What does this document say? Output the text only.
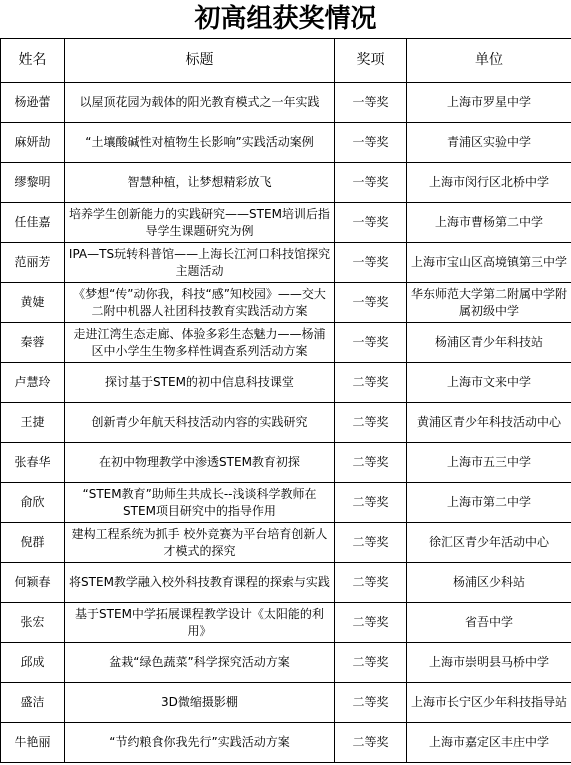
初高组获奖情况
姓名	标题	奖项	单位
杨逊蕾	以屋顶花园为载体的阳光教育模式之一年实践	一等奖	上海市罗星中学
麻妍劼	“土壤酸碱性对植物生长影响”实践活动案例	一等奖	青浦区实验中学
缪黎明	智慧种植，让梦想精彩放飞	一等奖	上海市闵行区北桥中学
任佳嘉	培养学生创新能力的实践研究——STEM培训后指导学生课题研究为例	一等奖	上海市曹杨第二中学
范丽芳	IPA—TS玩转科普馆——上海长江河口科技馆探究主题活动	一等奖	上海市宝山区高境镇第三中学
黄婕	《梦想“传”动你我，科技“感”知校园》——交大二附中机器人社团科技教育实践活动方案	一等奖	华东师范大学第二附属中学附属初级中学
秦蓉	走进江湾生态走廊、体验多彩生态魅力——杨浦区中小学生生物多样性调查系列活动方案	一等奖	杨浦区青少年科技站
卢慧玲	探讨基于STEM的初中信息科技课堂	二等奖	上海市文来中学
王捷	创新青少年航天科技活动内容的实践研究	二等奖	黄浦区青少年科技活动中心
张春华	在初中物理教学中渗透STEM教育初探	二等奖	上海市五三中学
俞欣	“STEM教育”助师生共成长--浅谈科学教师在STEM项目研究中的指导作用	二等奖	上海市第二中学
倪群	建构工程系统为抓手 校外竞赛为平台培育创新人才模式的探究	二等奖	徐汇区青少年活动中心
何颖春	将STEM教学融入校外科技教育课程的探索与实践	二等奖	杨浦区少科站
张宏	基于STEM中学拓展课程教学设计《太阳能的利用》	二等奖	省吾中学
邱成	盆栽“绿色蔬菜”科学探究活动方案	二等奖	上海市崇明县马桥中学
盛洁	3D微缩摄影棚	二等奖	上海市长宁区少年科技指导站
牛艳丽	“节约粮食你我先行”实践活动方案	二等奖	上海市嘉定区丰庄中学
